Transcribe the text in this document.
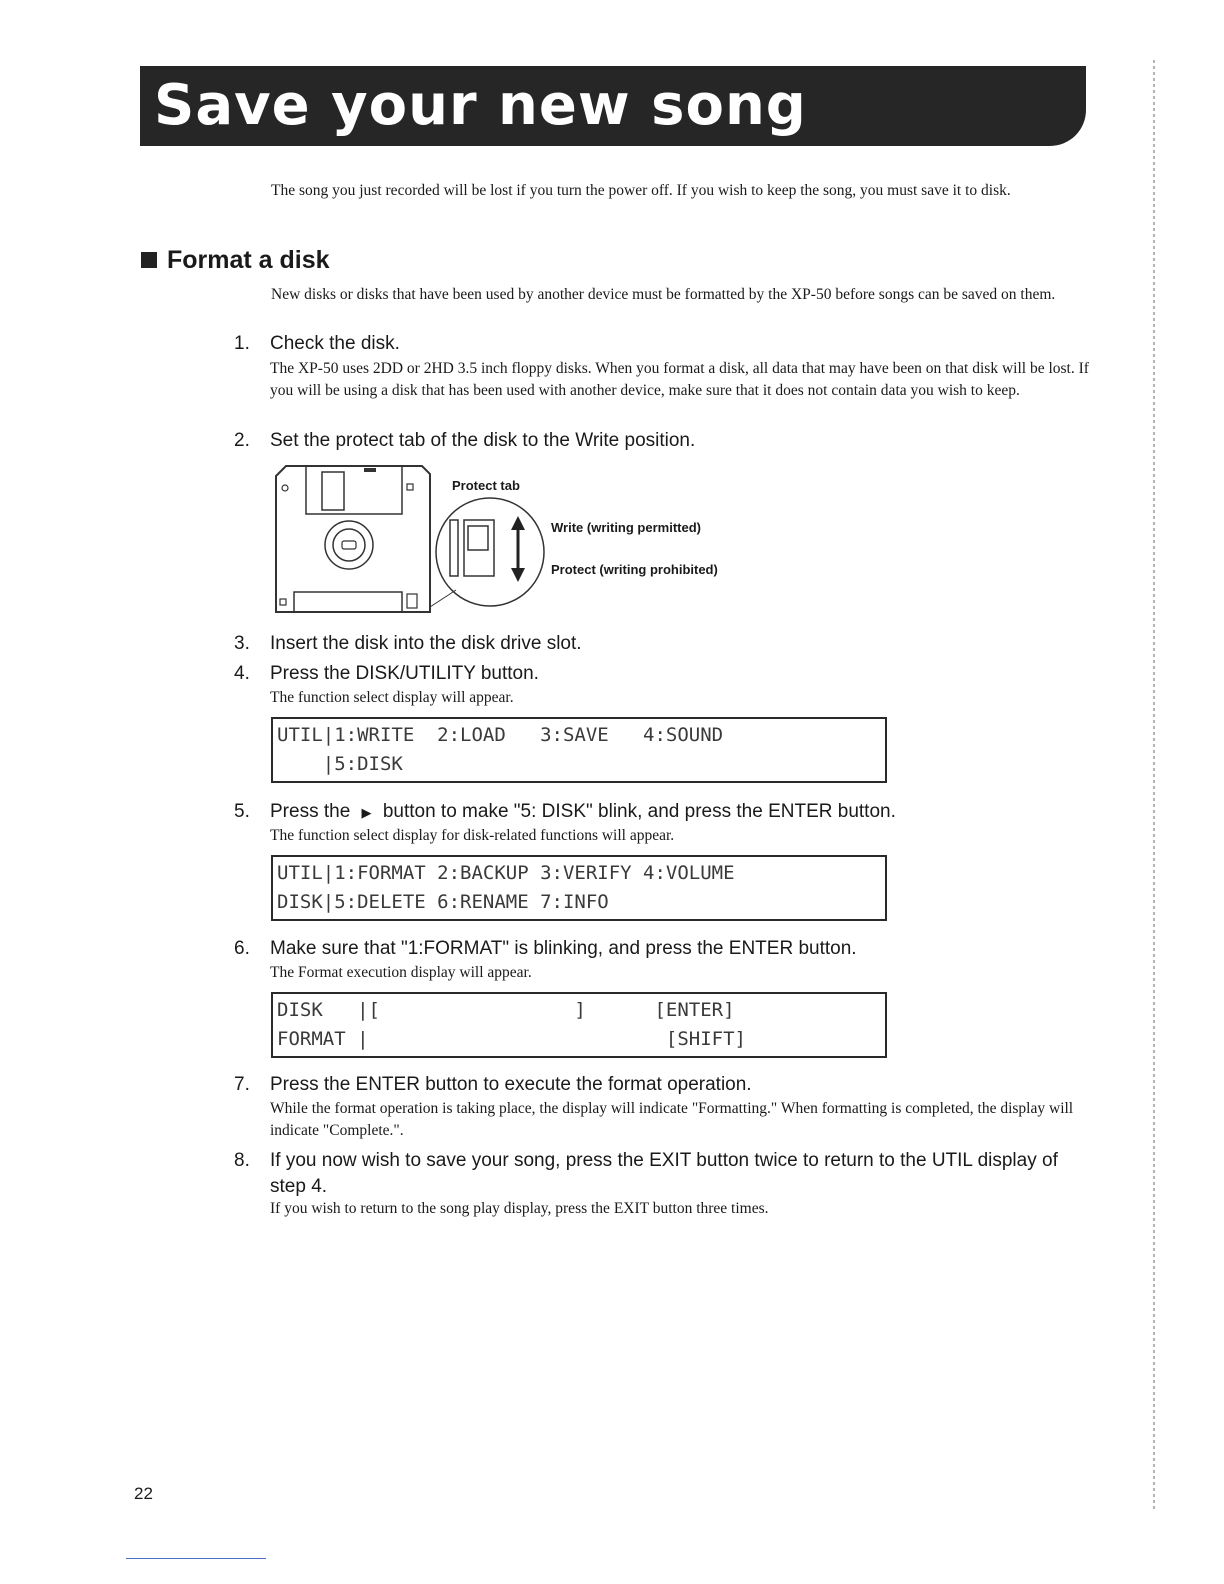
Save your new song
The song you just recorded will be lost if you turn the power off. If you wish to keep the song, you must save it to disk.
Format a disk
New disks or disks that have been used by another device must be formatted by the XP-50 before songs can be saved on them.
1. Check the disk.
The XP-50 uses 2DD or 2HD 3.5 inch floppy disks. When you format a disk, all data that may have been on that disk will be lost. If you will be using a disk that has been used with another device, make sure that it does not contain data you wish to keep.
2. Set the protect tab of the disk to the Write position.
Protect tab
Write (writing permitted)
Protect (writing prohibited)
3. Insert the disk into the disk drive slot.
4. Press the DISK/UTILITY button.
The function select display will appear.
UTIL|1:WRITE  2:LOAD   3:SAVE   4:SOUND
|5:DISK
5. Press the ▶ button to make "5: DISK" blink, and press the ENTER button.
The function select display for disk-related functions will appear.
UTIL|1:FORMAT 2:BACKUP 3:VERIFY 4:VOLUME
DISK|5:DELETE 6:RENAME 7:INFO
6. Make sure that "1:FORMAT" is blinking, and press the ENTER button.
The Format execution display will appear.
DISK   |[                 ]      [ENTER]
FORMAT |                          [SHIFT]
7. Press the ENTER button to execute the format operation.
While the format operation is taking place, the display will indicate "Formatting." When formatting is completed, the display will indicate "Complete.".
8. If you now wish to save your song, press the EXIT button twice to return to the UTIL display of step 4.
If you wish to return to the song play display, press the EXIT button three times.
22
